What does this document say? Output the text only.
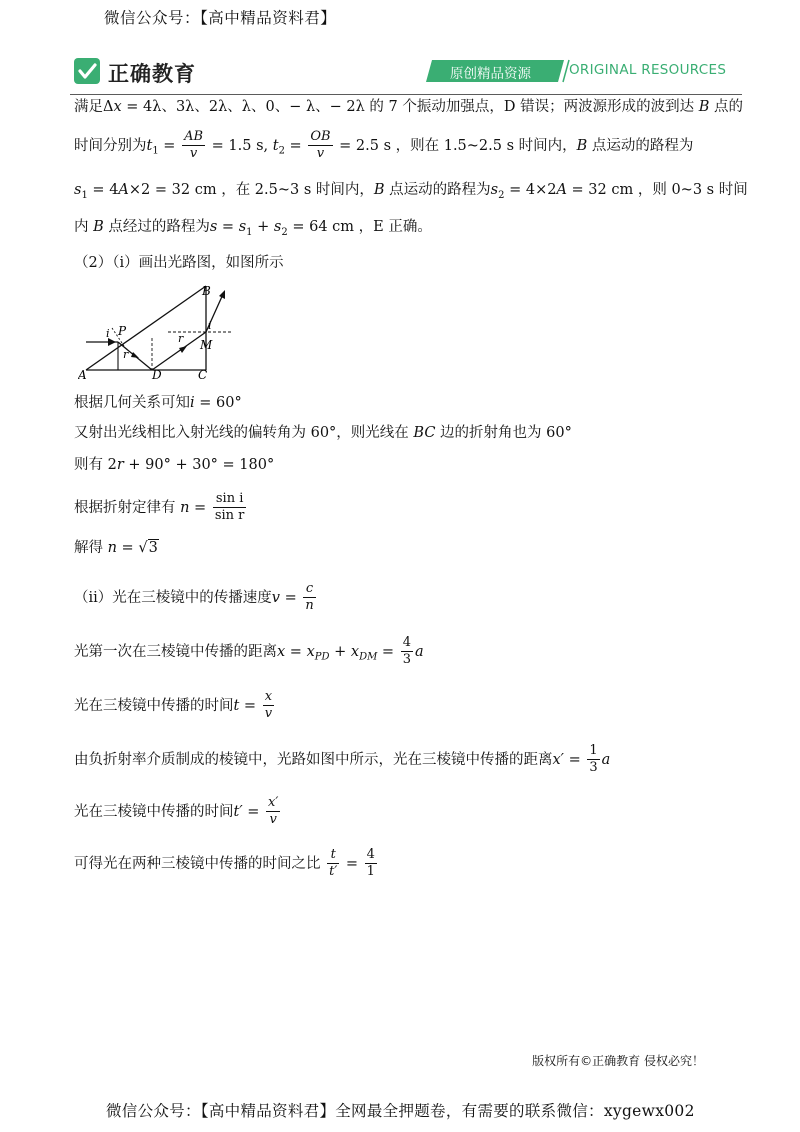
微信公众号：【高中精品资料君】
正确教育	原创精品资源	ORIGINAL RESOURCES
满足Δx = 4λ、3λ、2λ、λ、0、− λ、− 2λ 的 7 个振动加强点，D 错误；两波源形成的波到达 B 点的
时间分别为$t_1 = \frac{AB}{v} = 1.5$ s, $t_2 = \frac{OB}{v} = 2.5$ s ，则在 1.5~2.5 s 时间内，B 点运动的路程为
$s_1 = 4A\times 2 = 32$ cm ，在 2.5~3 s 时间内，B 点运动的路程为$s_2 = 4\times 2A = 32$ cm ，则 0~3 s 时间
内 B 点经过的路程为$s = s_1 + s_2 = 64$ cm ，E 正确。
（2）（ⅰ）画出光路图，如图所示
A
B
C
D
M
P
i
r
r
i
根据几何关系可知i = 60°
又射出光线相比入射光线的偏转角为 60°，则光线在 BC 边的折射角也为 60°
则有 2r + 90° + 30° = 180°
根据折射定律有 $n = \frac{\text{sin i}}{\text{sin r}}$
解得 n = √3
（ⅱ）光在三棱镜中的传播速度$v = \frac{c}{n}$
光第一次在三棱镜中传播的距离$x = x_{PD} + x_{DM} = \frac{4}{3}$ a
光在三棱镜中传播的时间$t = \frac{x}{v}$
由负折射率介质制成的棱镜中，光路如图中所示，光在三棱镜中传播的距离$x' = \frac{1}{3}$ a
光在三棱镜中传播的时间$t' = \frac{x'}{v}$
可得光在两种三棱镜中传播的时间之比 $\frac{t}{t'} = \frac{4}{1}$
版权所有©正确教育 侵权必究！
微信公众号：【高中精品资料君】全网最全押题卷，有需要的联系微信：xygewx002
